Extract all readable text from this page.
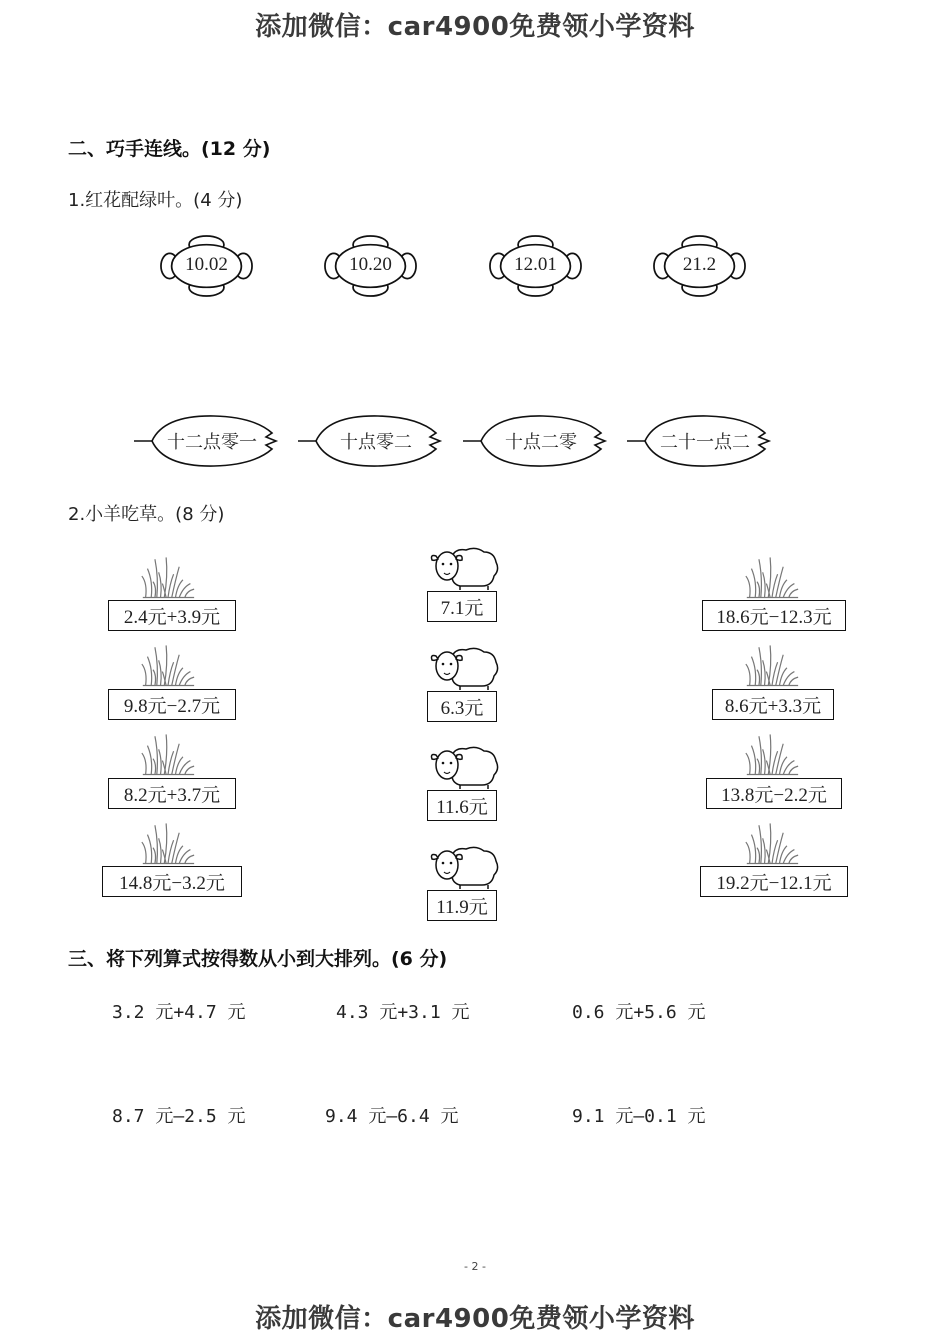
添加微信：car4900免费领小学资料
二、巧手连线。(12 分)
1.红花配绿叶。(4 分)
10.02	10.20	12.01	21.2
十二点零一	十点零二	十点二零	二十一点二
2.小羊吃草。(8 分)
2.4元+3.9元
9.8元−2.7元
8.2元+3.7元
14.8元−3.2元
7.1元
6.3元
11.6元
11.9元
18.6元−12.3元
8.6元+3.3元
13.8元−2.2元
19.2元−12.1元
三、将下列算式按得数从小到大排列。(6 分)
3.2 元+4.7 元	4.3 元+3.1 元	0.6 元+5.6 元
8.7 元—2.5 元	9.4 元—6.4 元	9.1 元—0.1 元
- 2 -
添加微信：car4900免费领小学资料
